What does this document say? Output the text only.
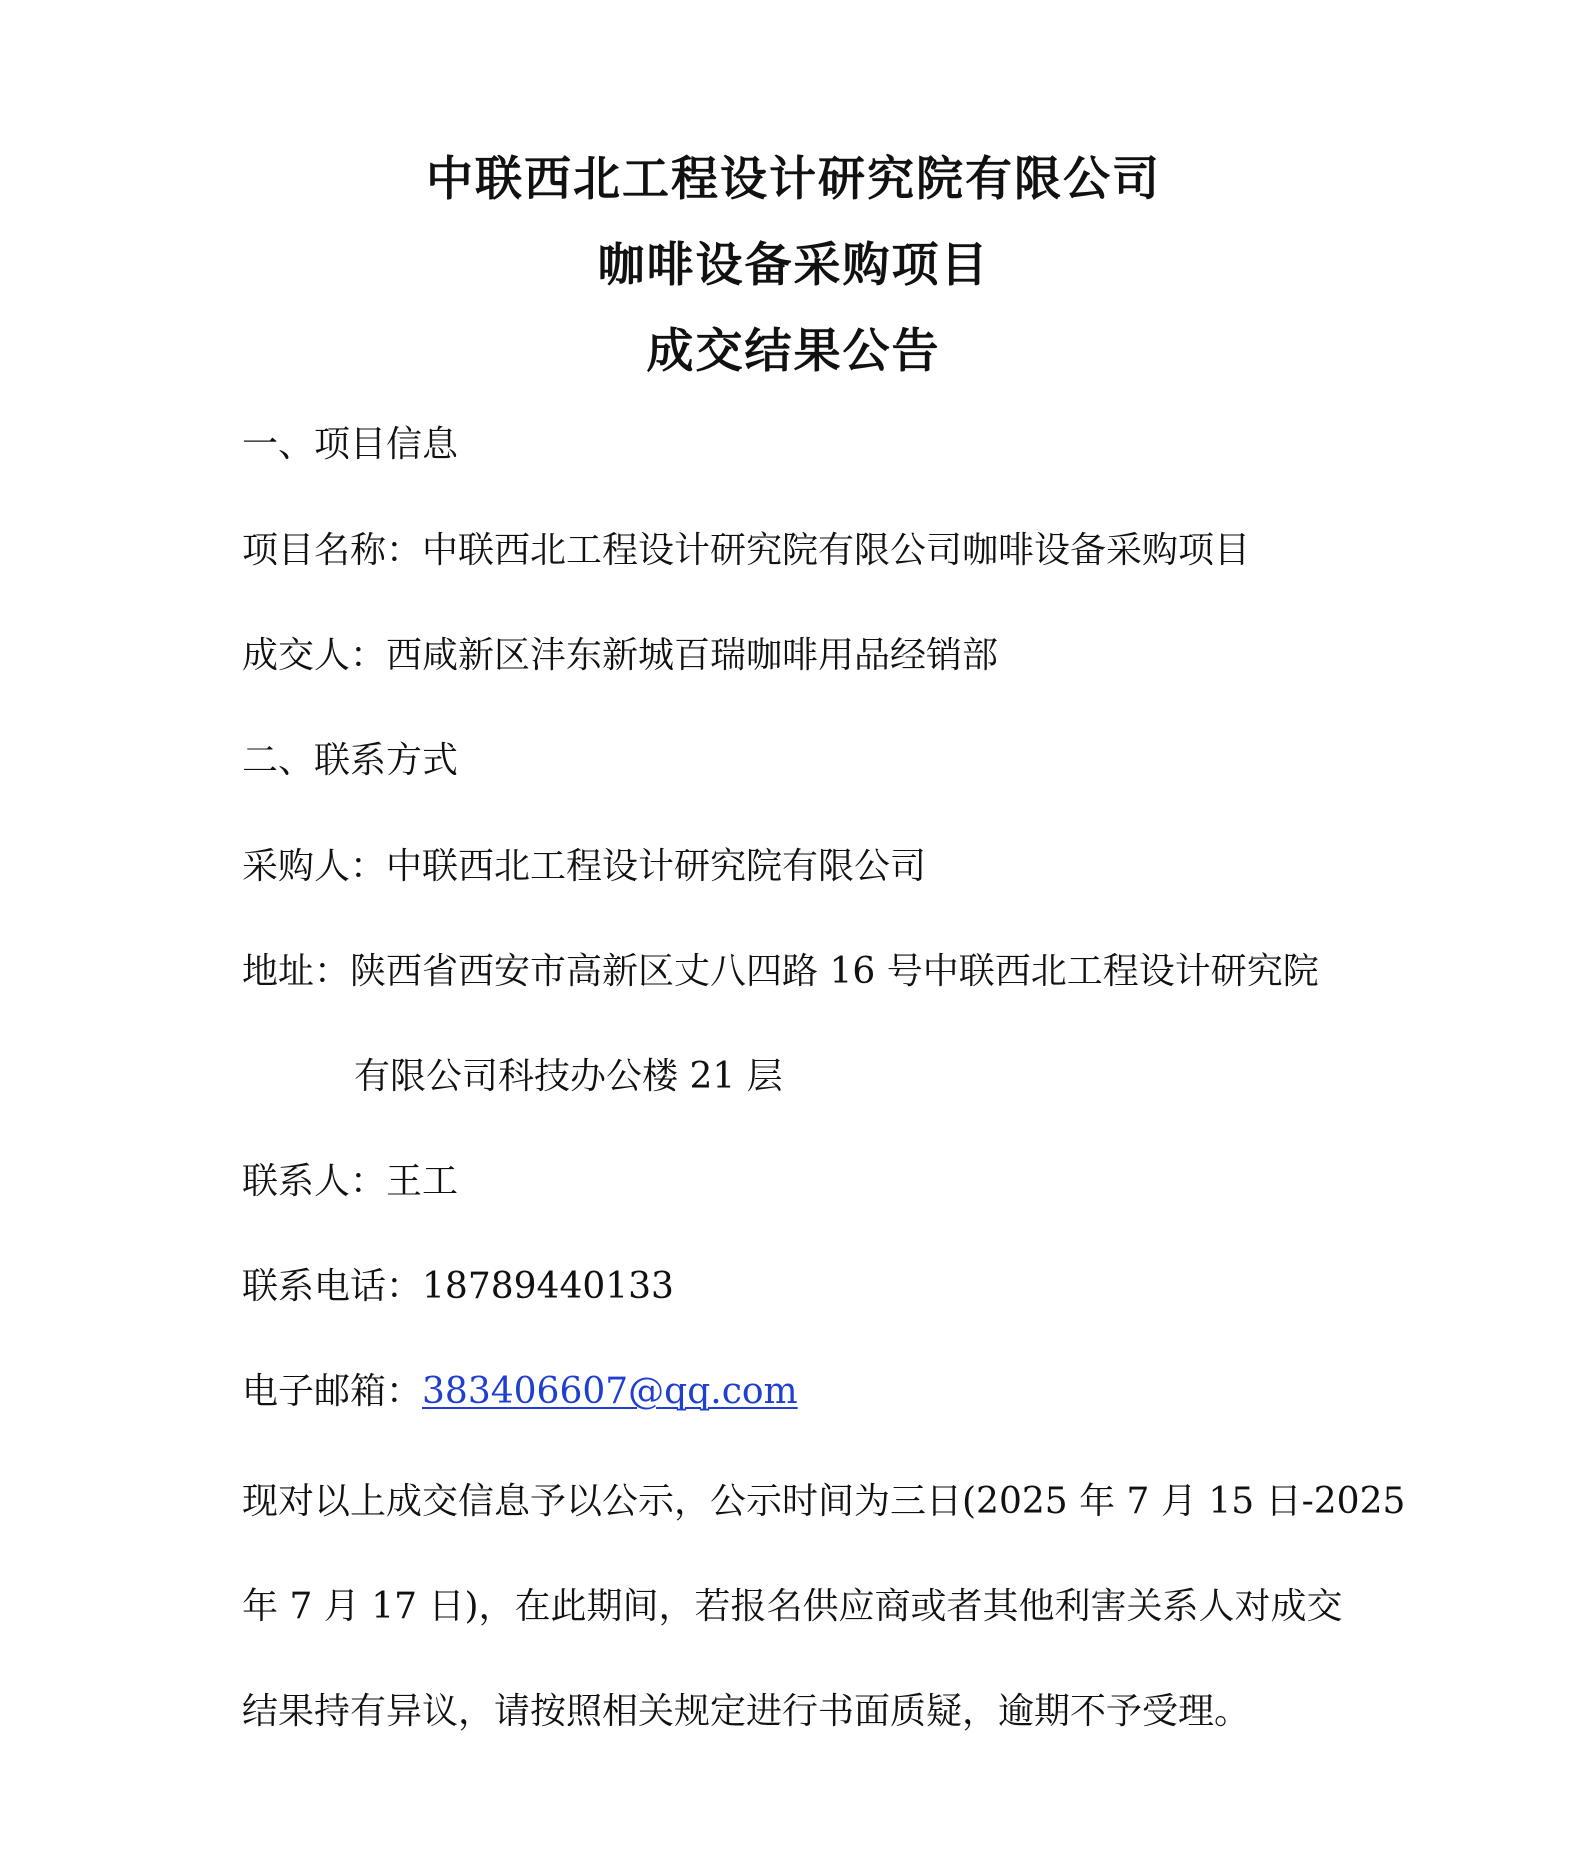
中联西北工程设计研究院有限公司
咖啡设备采购项目
成交结果公告
一、项目信息
项目名称：中联西北工程设计研究院有限公司咖啡设备采购项目
成交人：西咸新区沣东新城百瑞咖啡用品经销部
二、联系方式
采购人：中联西北工程设计研究院有限公司
地址：陕西省西安市高新区丈八四路 16 号中联西北工程设计研究院
有限公司科技办公楼 21 层
联系人：王工
联系电话：18789440133
电子邮箱：383406607@qq.com
现对以上成交信息予以公示，公示时间为三日(2025 年 7 月 15 日-2025
年 7 月 17 日)，在此期间，若报名供应商或者其他利害关系人对成交
结果持有异议，请按照相关规定进行书面质疑，逾期不予受理。
